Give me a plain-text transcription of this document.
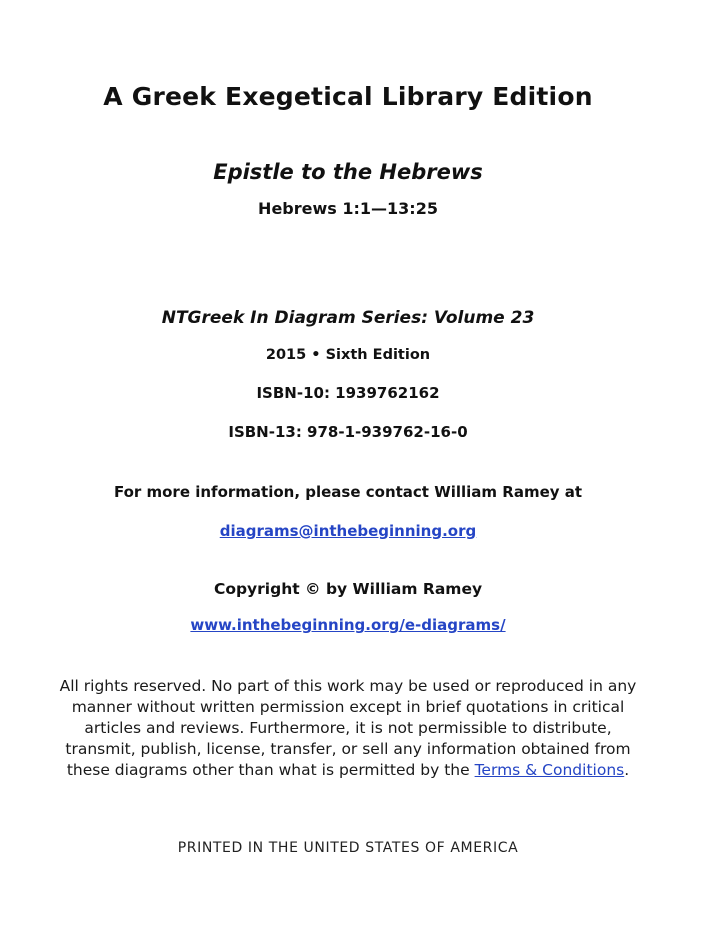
A Greek Exegetical Library Edition
Epistle to the Hebrews
Hebrews 1:1—13:25
NTGreek In Diagram Series: Volume 23
2015 • Sixth Edition
ISBN-10: 1939762162
ISBN-13: 978-1-939762-16-0
For more information, please contact William Ramey at
diagrams@inthebeginning.org
Copyright © by William Ramey
www.inthebeginning.org/e-diagrams/
All rights reserved. No part of this work may be used or reproduced in any manner without written permission except in brief quotations in critical articles and reviews. Furthermore, it is not permissible to distribute, transmit, publish, license, transfer, or sell any information obtained from these diagrams other than what is permitted by the Terms & Conditions.
PRINTED IN THE UNITED STATES OF AMERICA
